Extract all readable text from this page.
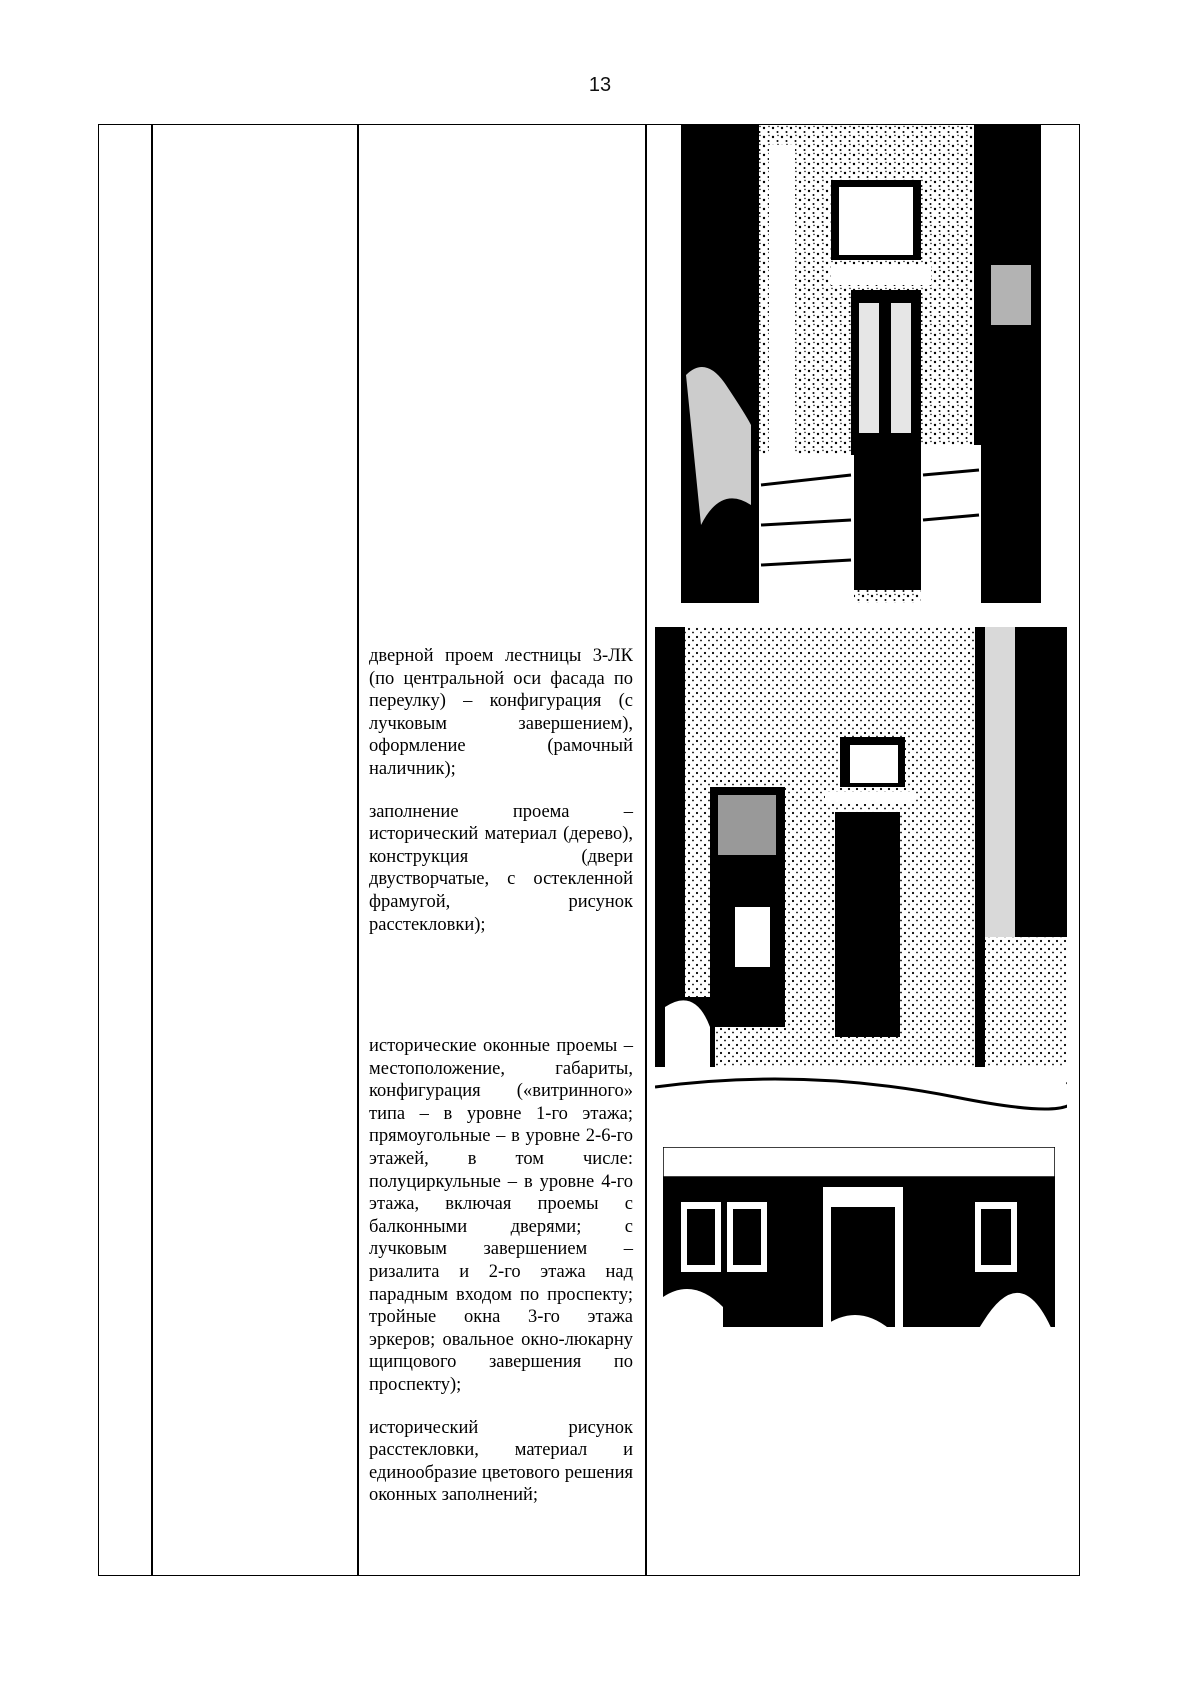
13

дверной проем лестницы 3-ЛК (по центральной оси фасада по переулку) – конфигурация (с лучковым завершением), оформление (рамочный наличник);

заполнение проема – исторический материал (дерево), конструкция (двери двустворчатые, с остекленной фрамугой, рисунок расстекловки);

исторические оконные проемы – местоположение, габариты, конфигурация («витринного» типа – в уровне 1-го этажа; прямоугольные – в уровне 2-6-го этажей, в том числе: полуциркульные – в уровне 4-го этажа, включая проемы с балконными дверями; с лучковым завершением – ризалита и 2-го этажа над парадным входом по проспекту; тройные окна 3-го этажа эркеров; овальное окно-люкарну щипцового завершения по проспекту);

исторический рисунок расстекловки, материал и единообразие цветового решения оконных заполнений;
